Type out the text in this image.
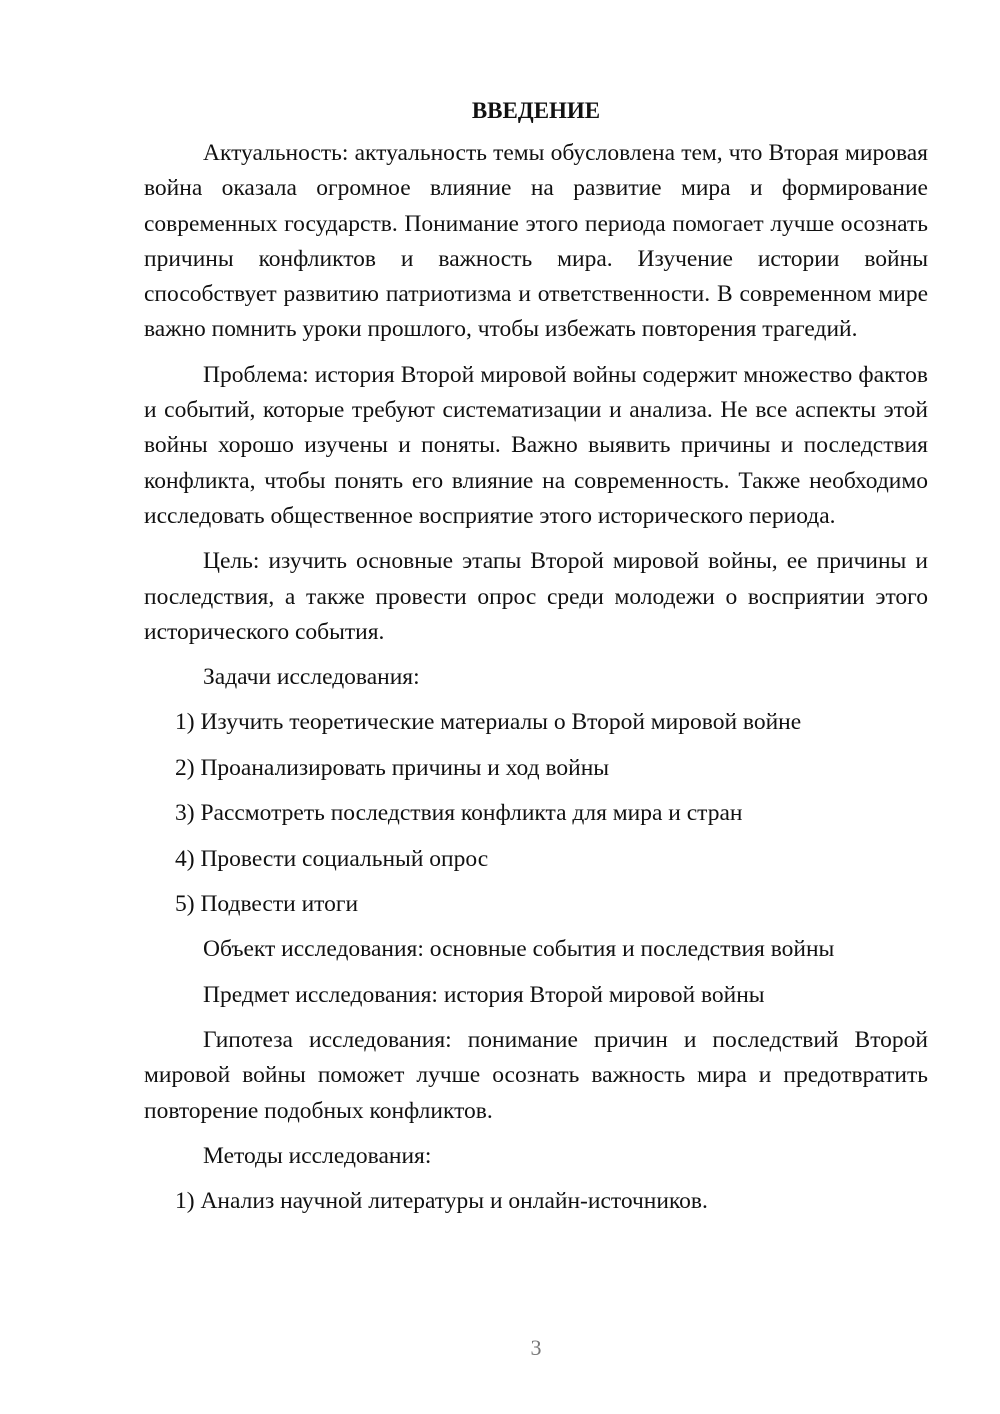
ВВЕДЕНИЕ

Актуальность: актуальность темы обусловлена тем, что Вторая мировая война оказала огромное влияние на развитие мира и формирование современных государств. Понимание этого периода помогает лучше осознать причины конфликтов и важность мира. Изучение истории войны способствует развитию патриотизма и ответственности. В современном мире важно помнить уроки прошлого, чтобы избежать повторения трагедий.

Проблема: история Второй мировой войны содержит множество фактов и событий, которые требуют систематизации и анализа. Не все аспекты этой войны хорошо изучены и поняты. Важно выявить причины и последствия конфликта, чтобы понять его влияние на современность. Также необходимо исследовать общественное восприятие этого исторического периода.

Цель: изучить основные этапы Второй мировой войны, ее причины и последствия, а также провести опрос среди молодежи о восприятии этого исторического события.

Задачи исследования:

1) Изучить теоретические материалы о Второй мировой войне
2) Проанализировать причины и ход войны
3) Рассмотреть последствия конфликта для мира и стран
4) Провести социальный опрос
5) Подвести итоги

Объект исследования: основные события и последствия войны

Предмет исследования: история Второй мировой войны

Гипотеза исследования: понимание причин и последствий Второй мировой войны поможет лучше осознать важность мира и предотвратить повторение подобных конфликтов.

Методы исследования:

1) Анализ научной литературы и онлайн-источников.
3
